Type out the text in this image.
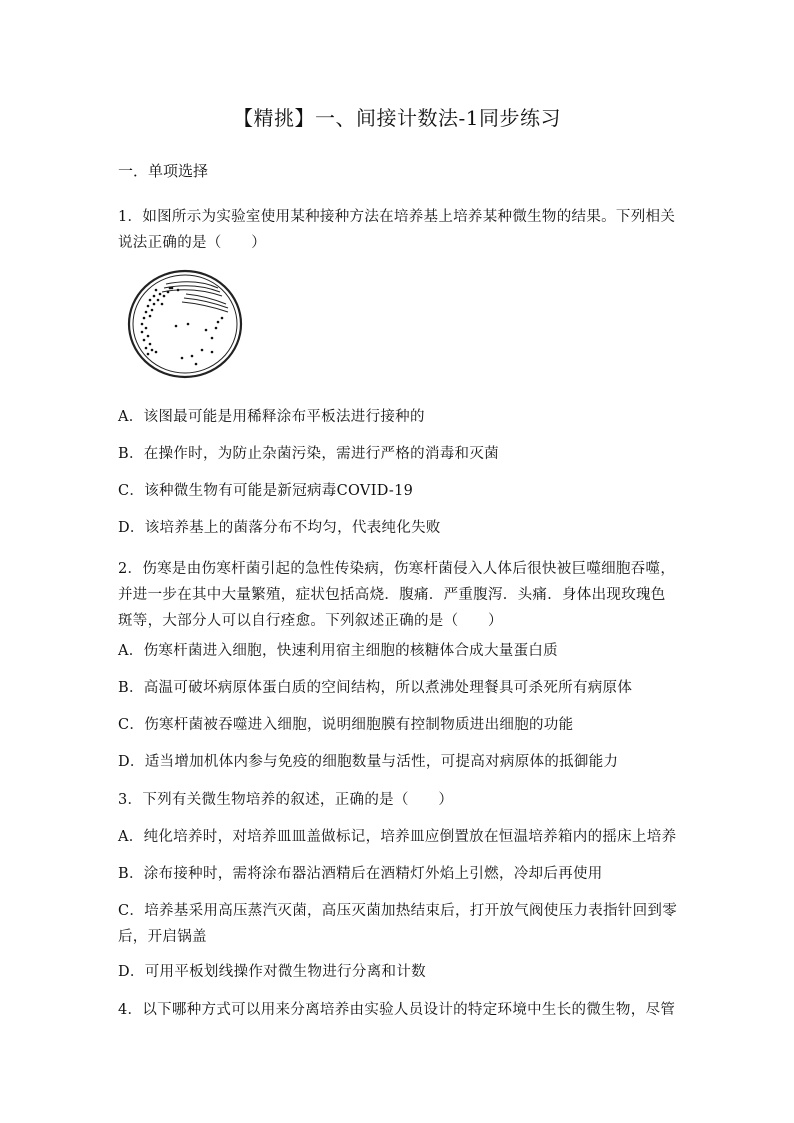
【精挑】一、间接计数法-1同步练习
一．单项选择
1．如图所示为实验室使用某种接种方法在培养基上培养某种微生物的结果。下列相关说法正确的是（　　）
A．该图最可能是用稀释涂布平板法进行接种的
B．在操作时，为防止杂菌污染，需进行严格的消毒和灭菌
C．该种微生物有可能是新冠病毒COVID-19
D．该培养基上的菌落分布不均匀，代表纯化失败
2．伤寒是由伤寒杆菌引起的急性传染病，伤寒杆菌侵入人体后很快被巨噬细胞吞噬，并进一步在其中大量繁殖，症状包括高烧．腹痛．严重腹泻．头痛．身体出现玫瑰色斑等，大部分人可以自行痊愈。下列叙述正确的是（　　）
A．伤寒杆菌进入细胞，快速利用宿主细胞的核糖体合成大量蛋白质
B．高温可破坏病原体蛋白质的空间结构，所以煮沸处理餐具可杀死所有病原体
C．伤寒杆菌被吞噬进入细胞，说明细胞膜有控制物质进出细胞的功能
D．适当增加机体内参与免疫的细胞数量与活性，可提高对病原体的抵御能力
3．下列有关微生物培养的叙述，正确的是（　　）
A．纯化培养时，对培养皿皿盖做标记，培养皿应倒置放在恒温培养箱内的摇床上培养
B．涂布接种时，需将涂布器沾酒精后在酒精灯外焰上引燃，冷却后再使用
C．培养基采用高压蒸汽灭菌，高压灭菌加热结束后，打开放气阀使压力表指针回到零后，开启锅盖
D．可用平板划线操作对微生物进行分离和计数
4．以下哪种方式可以用来分离培养由实验人员设计的特定环境中生长的微生物，尽管
